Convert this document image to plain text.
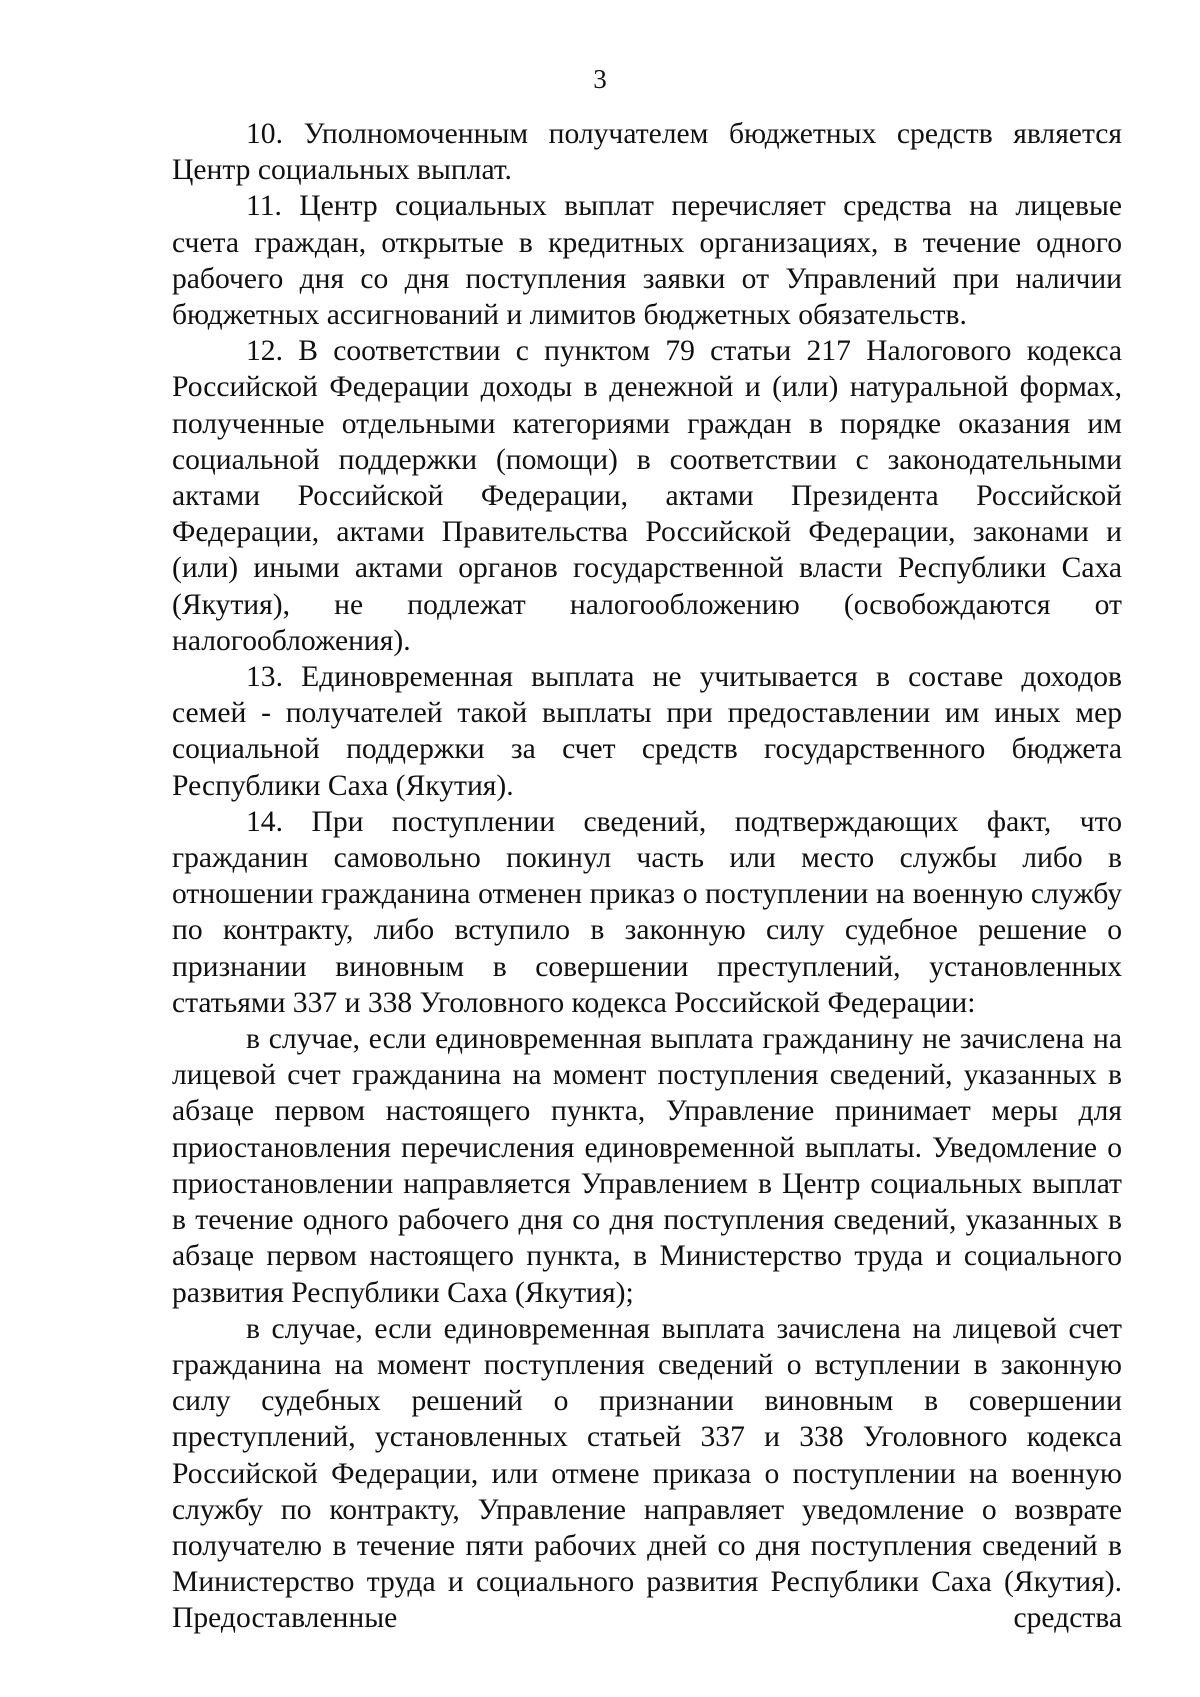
3

10. Уполномоченным получателем бюджетных средств является Центр социальных выплат.

11. Центр социальных выплат перечисляет средства на лицевые счета граждан, открытые в кредитных организациях, в течение одного рабочего дня со дня поступления заявки от Управлений при наличии бюджетных ассигнований и лимитов бюджетных обязательств.

12. В соответствии с пунктом 79 статьи 217 Налогового кодекса Российской Федерации доходы в денежной и (или) натуральной формах, полученные отдельными категориями граждан в порядке оказания им социальной поддержки (помощи) в соответствии с законодательными актами Российской Федерации, актами Президента Российской Федерации, актами Правительства Российской Федерации, законами и (или) иными актами органов государственной власти Республики Саха (Якутия), не подлежат налогообложению (освобождаются от налогообложения).

13. Единовременная выплата не учитывается в составе доходов семей - получателей такой выплаты при предоставлении им иных мер социальной поддержки за счет средств государственного бюджета Республики Саха (Якутия).

14. При поступлении сведений, подтверждающих факт, что гражданин самовольно покинул часть или место службы либо в отношении гражданина отменен приказ о поступлении на военную службу по контракту, либо вступило в законную силу судебное решение о признании виновным в совершении преступлений, установленных статьями 337 и 338 Уголовного кодекса Российской Федерации:

в случае, если единовременная выплата гражданину не зачислена на лицевой счет гражданина на момент поступления сведений, указанных в абзаце первом настоящего пункта, Управление принимает меры для приостановления перечисления единовременной выплаты. Уведомление о приостановлении направляется Управлением в Центр социальных выплат в течение одного рабочего дня со дня поступления сведений, указанных в абзаце первом настоящего пункта, в Министерство труда и социального развития Республики Саха (Якутия);

в случае, если единовременная выплата зачислена на лицевой счет гражданина на момент поступления сведений о вступлении в законную силу судебных решений о признании виновным в совершении преступлений, установленных статьей 337 и 338 Уголовного кодекса Российской Федерации, или отмене приказа о поступлении на военную службу по контракту, Управление направляет уведомление о возврате получателю в течение пяти рабочих дней со дня поступления сведений в Министерство труда и социального развития Республики Саха (Якутия). Предоставленные средства
